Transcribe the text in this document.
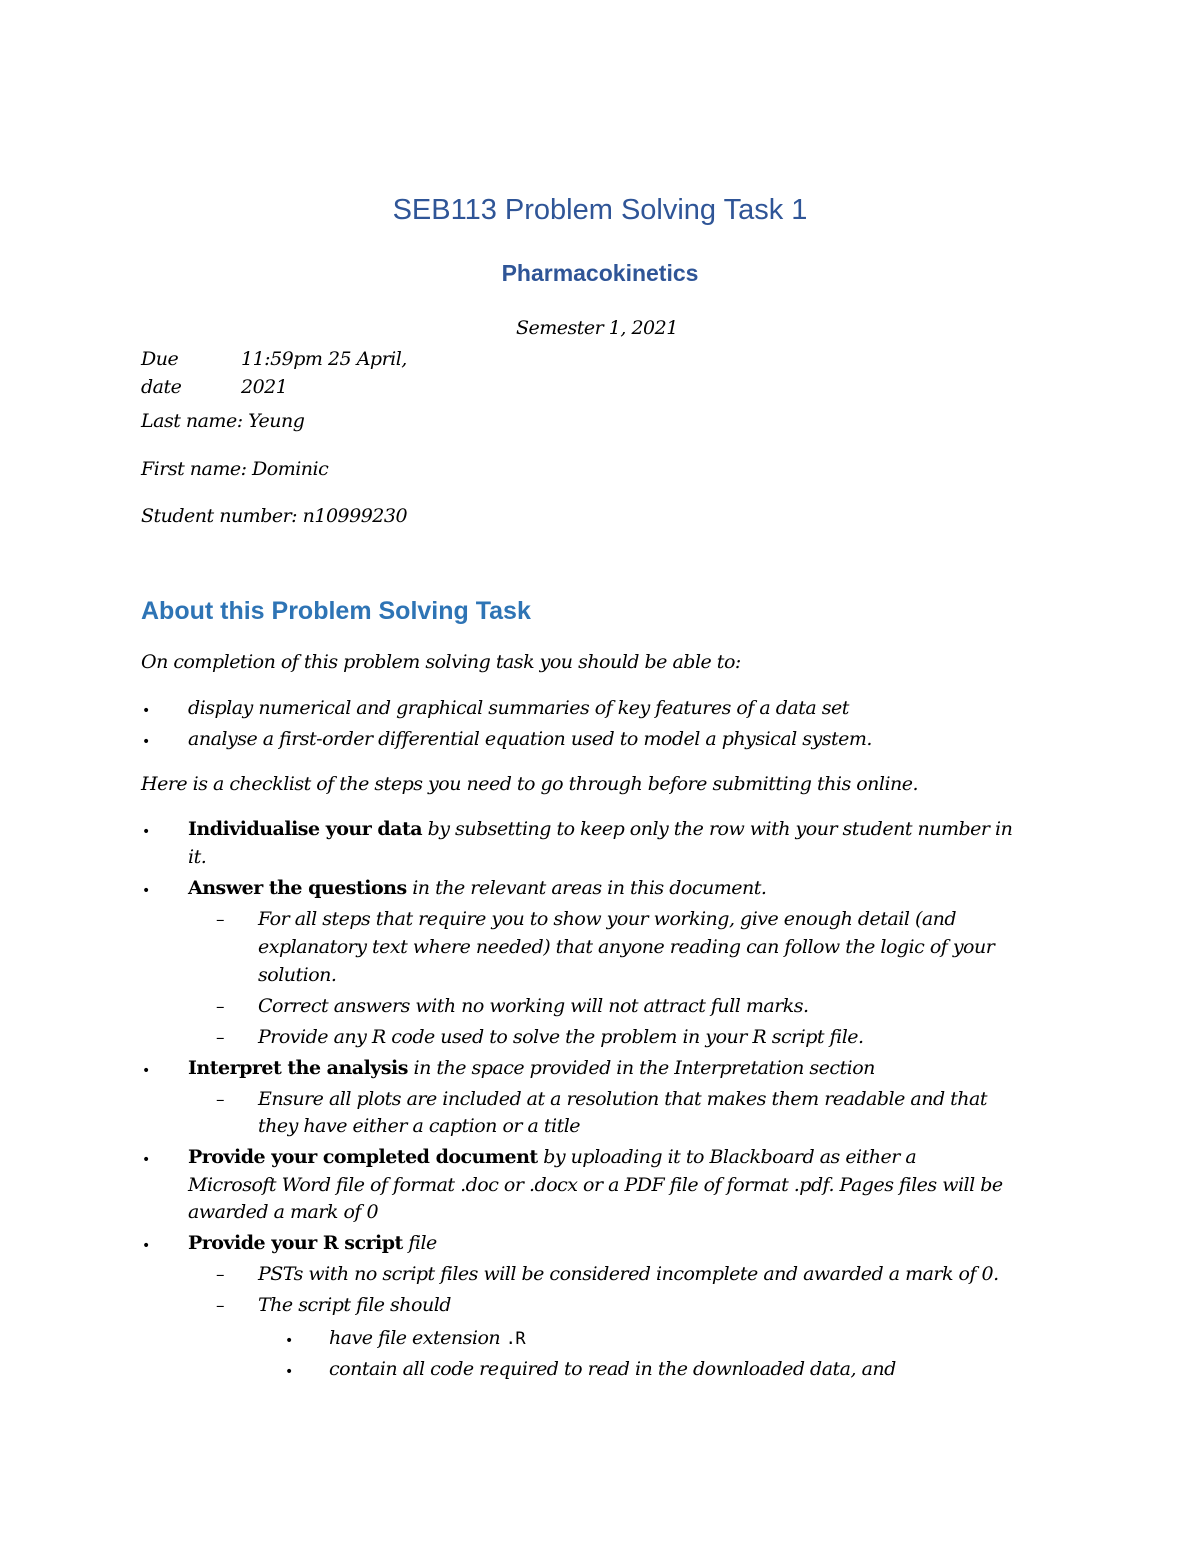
SEB113 Problem Solving Task 1
Pharmacokinetics
Semester 1, 2021
Due
date
11:59pm 25 April,
2021
Last name: Yeung
First name: Dominic
Student number: n10999230
About this Problem Solving Task
On completion of this problem solving task you should be able to:
• display numerical and graphical summaries of key features of a data set
• analyse a first-order differential equation used to model a physical system.
Here is a checklist of the steps you need to go through before submitting this online.
• Individualise your data by subsetting to keep only the row with your student number in
it.
• Answer the questions in the relevant areas in this document.
– For all steps that require you to show your working, give enough detail (and
explanatory text where needed) that anyone reading can follow the logic of your
solution.
– Correct answers with no working will not attract full marks.
– Provide any R code used to solve the problem in your R script file.
• Interpret the analysis in the space provided in the Interpretation section
– Ensure all plots are included at a resolution that makes them readable and that
they have either a caption or a title
• Provide your completed document by uploading it to Blackboard as either a
Microsoft Word file of format .doc or .docx or a PDF file of format .pdf. Pages files will be
awarded a mark of 0
• Provide your R script file
– PSTs with no script files will be considered incomplete and awarded a mark of 0.
– The script file should
• have file extension .R
• contain all code required to read in the downloaded data, and
